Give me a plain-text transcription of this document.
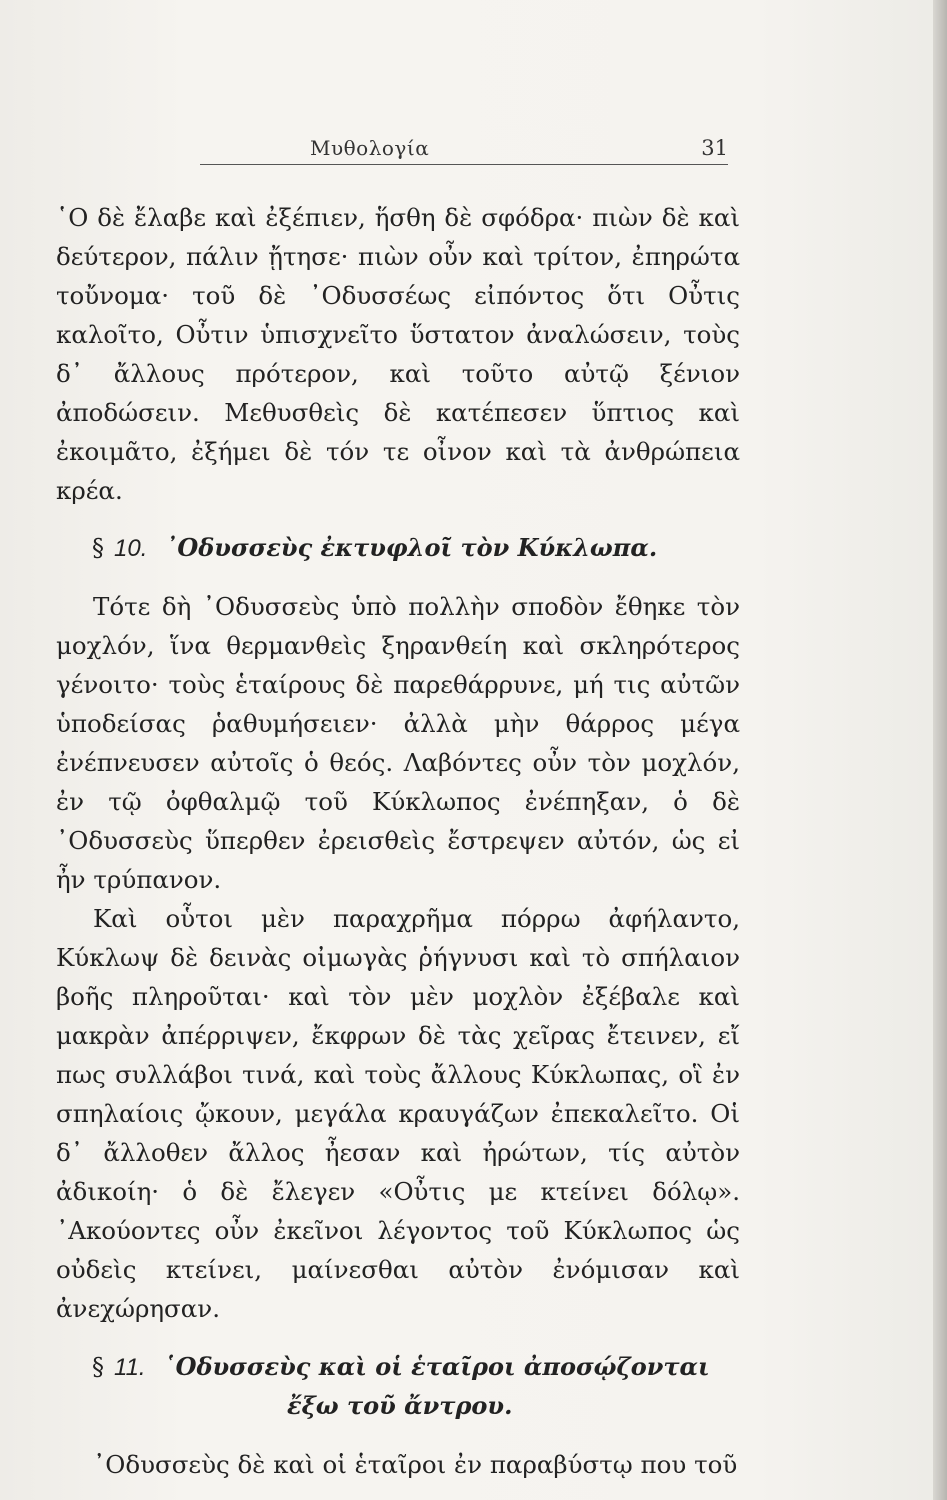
Μυθολογία	31

῾Ο δὲ ἔλαβε καὶ ἐξέπιεν, ἥσθη δὲ σφόδρα· πιὼν δὲ καὶ δεύτερον, πάλιν ᾔτησε· πιὼν οὖν καὶ τρίτον, ἐπηρώτα τοὔνομα· τοῦ δὲ ᾿Οδυσσέως εἰπόντος ὅτι Οὖτις καλοῖτο, Οὖτιν ὑπισχνεῖτο ὕστατον ἀναλώσειν, τοὺς δ᾿ ἄλλους πρότερον, καὶ τοῦτο αὐτῷ ξένιον ἀποδώσειν. Μεθυσθεὶς δὲ κατέπεσεν ὕπτιος καὶ ἐκοιμᾶτο, ἐξήμει δὲ τόν τε οἶνον καὶ τὰ ἀνθρώπεια κρέα.

§ 10. ᾿Οδυσσεὺς ἐκτυφλοῖ τὸν Κύκλωπα.

Τότε δὴ ᾿Οδυσσεὺς ὑπὸ πολλὴν σποδὸν ἔθηκε τὸν μοχλόν, ἵνα θερμανθεὶς ξηρανθείη καὶ σκληρότερος γένοιτο· τοὺς ἑταίρους δὲ παρεθάρρυνε, μή τις αὐτῶν ὑποδείσας ῥαθυμήσειεν· ἀλλὰ μὴν θάρρος μέγα ἐνέπνευσεν αὐτοῖς ὁ θεός. Λαβόντες οὖν τὸν μοχλόν, ἐν τῷ ὀφθαλμῷ τοῦ Κύκλωπος ἐνέπηξαν, ὁ δὲ ᾿Οδυσσεὺς ὕπερθεν ἐρεισθεὶς ἔστρεψεν αὐτόν, ὡς εἰ ἦν τρύπανον.

Καὶ οὗτοι μὲν παραχρῆμα πόρρω ἀφήλαντο, Κύκλωψ δὲ δεινὰς οἰμωγὰς ῥήγνυσι καὶ τὸ σπήλαιον βοῆς πληροῦται· καὶ τὸν μὲν μοχλὸν ἐξέβαλε καὶ μακρὰν ἀπέρριψεν, ἔκφρων δὲ τὰς χεῖρας ἔτεινεν, εἴ πως συλλάβοι τινά, καὶ τοὺς ἄλλους Κύκλωπας, οἳ ἐν σπηλαίοις ᾤκουν, μεγάλα κραυγάζων ἐπεκαλεῖτο. Οἱ δ᾿ ἄλλοθεν ἄλλος ἦεσαν καὶ ἠρώτων, τίς αὐτὸν ἀδικοίη· ὁ δὲ ἔλεγεν «Οὖτις με κτείνει δόλῳ». ᾿Ακούοντες οὖν ἐκεῖνοι λέγοντος τοῦ Κύκλωπος ὡς οὐδεὶς κτείνει, μαίνεσθαι αὐτὸν ἐνόμισαν καὶ ἀνεχώρησαν.

§ 11. ῾Οδυσσεὺς καὶ οἱ ἑταῖροι ἀποσῴζονται
ἔξω τοῦ ἄντρου.

᾿Οδυσσεὺς δὲ καὶ οἱ ἑταῖροι ἐν παραβύστῳ που τοῦ
